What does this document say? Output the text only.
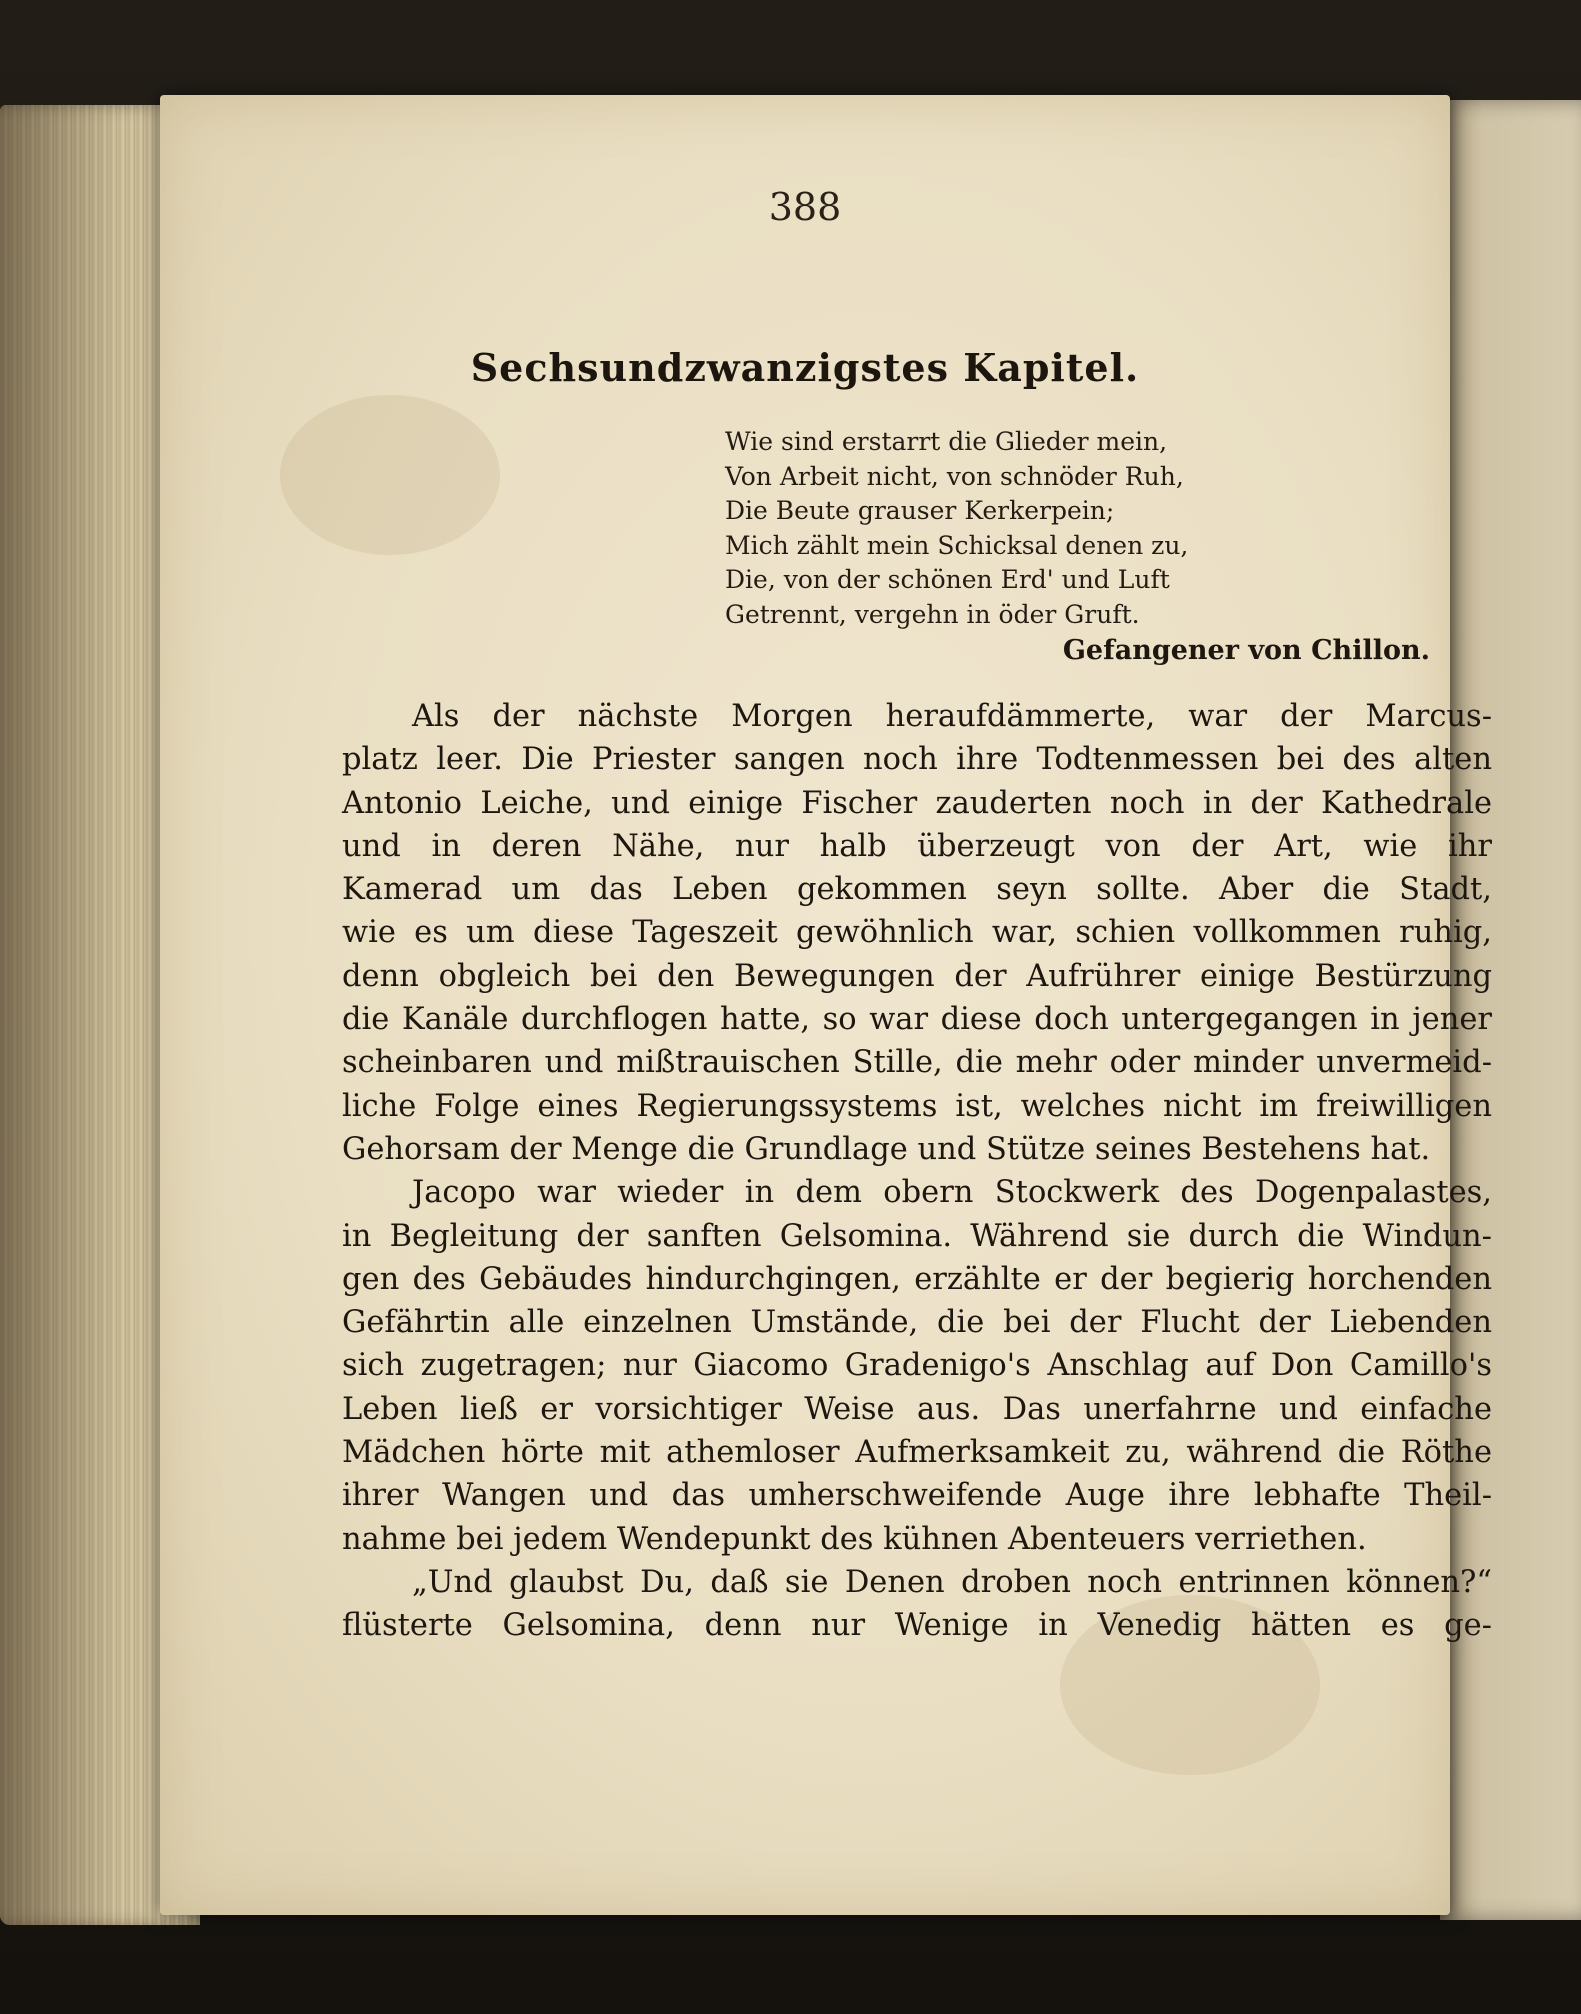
388
Sechsundzwanzigstes Kapitel.
Wie sind erstarrt die Glieder mein,
Von Arbeit nicht, von schnöder Ruh,
Die Beute grauser Kerkerpein;
Mich zählt mein Schicksal denen zu,
Die, von der schönen Erd' und Luft
Getrennt, vergehn in öder Gruft.
Gefangener von Chillon.
Als der nächste Morgen heraufdämmerte, war der Marcus-
platz leer. Die Priester sangen noch ihre Todtenmessen bei des alten
Antonio Leiche, und einige Fischer zauderten noch in der Kathedrale
und in deren Nähe, nur halb überzeugt von der Art, wie ihr
Kamerad um das Leben gekommen seyn sollte. Aber die Stadt,
wie es um diese Tageszeit gewöhnlich war, schien vollkommen ruhig,
denn obgleich bei den Bewegungen der Aufrührer einige Bestürzung
die Kanäle durchflogen hatte, so war diese doch untergegangen in jener
scheinbaren und mißtrauischen Stille, die mehr oder minder unvermeid-
liche Folge eines Regierungssystems ist, welches nicht im freiwilligen
Gehorsam der Menge die Grundlage und Stütze seines Bestehens hat.
Jacopo war wieder in dem obern Stockwerk des Dogenpalastes,
in Begleitung der sanften Gelsomina. Während sie durch die Windun-
gen des Gebäudes hindurchgingen, erzählte er der begierig horchenden
Gefährtin alle einzelnen Umstände, die bei der Flucht der Liebenden
sich zugetragen; nur Giacomo Gradenigo's Anschlag auf Don Camillo's
Leben ließ er vorsichtiger Weise aus. Das unerfahrne und einfache
Mädchen hörte mit athemloser Aufmerksamkeit zu, während die Röthe
ihrer Wangen und das umherschweifende Auge ihre lebhafte Theil-
nahme bei jedem Wendepunkt des kühnen Abenteuers verriethen.
„Und glaubst Du, daß sie Denen droben noch entrinnen können?“
flüsterte Gelsomina, denn nur Wenige in Venedig hätten es ge-
